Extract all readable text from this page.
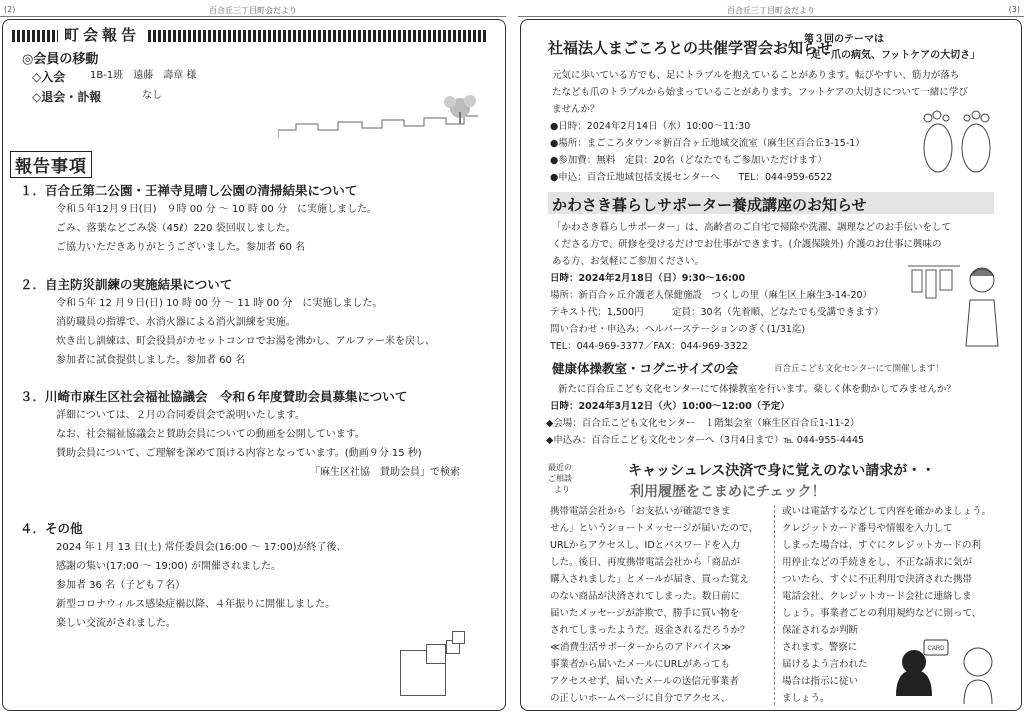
(2)	百合丘三丁目町会だより
町会報告
◎会員の移動
◇入会 1B-1班　遠藤　壽章 様
◇退会・訃報	なし
報告事項
１．百合丘第二公園・王禅寺見晴し公園の清掃結果について
令和５年12月９日(日)　９時 00 分 ～ 10 時 00 分　に実施しました。
ごみ、落葉などごみ袋（45ℓ）220 袋回収しました。
ご協力いただきありがとうございました。参加者 60 名
２．自主防災訓練の実施結果について
令和５年 12 月９日(日) 10 時 00 分 ～ 11 時 00 分　に実施しました。
消防職員の指導で、水消火器による消火訓練を実施。
炊き出し訓練は、町会役員がカセットコンロでお湯を沸かし、アルファー米を戻し、
参加者に試食提供しました。参加者 60 名
３．川崎市麻生区社会福祉協議会　令和６年度賛助会員募集について
詳細については、２月の合同委員会で説明いたします。
なお、社会福祉協議会と賛助会員についての動画を公開しています。
賛助会員について、ご理解を深めて頂ける内容となっています。(動画９分 15 秒)
「麻生区社協　賛助会員」で検索
４．その他
2024 年１月 13 日(土) 常任委員会(16:00 ～ 17:00)が終了後、
感謝の集い(17:00 ～ 19:00) が開催されました。
参加者 36 名（子ども７名）
新型コロナウィルス感染症禍以降、４年振りに開催しました。
楽しい交流がされました。
百合丘三丁目町会だより	(3)
社福法人まごころとの共催学習会お知らせ
第３回のテーマは
「足・爪の病気、フットケアの大切さ」
元気に歩いている方でも、足にトラブルを抱えていることがあります。転びやすい、筋力が落ち
たなども爪のトラブルから始まっていることがあります。フットケアの大切さについて一緒に学び
ませんか？
●日時：2024年2月14日（水）10:00～11:30
●場所：まごころタウン＊新百合ヶ丘地域交流室（麻生区百合丘3-15-1）
●参加費：無料　定員：20名（どなたでもご参加いただけます）
●申込：百合丘地域包括支援センターへ　　TEL：044-959-6522
かわさき暮らしサポーター養成講座のお知らせ
「かわさき暮らしサポーター」は、高齢者のご自宅で掃除や洗濯、調理などのお手伝いをして
くださる方で、研修を受けるだけでお仕事ができます。(介護保険外) 介護のお仕事に興味の
ある方、お気軽にご参加ください。
日時：2024年2月18日（日）9:30～16:00
場所：新百合ヶ丘介護老人保健施設　つくしの里（麻生区上麻生3-14-20）
テキスト代：1,500円　　　定員：30名（先着順、どなたでも受講できます）
問い合わせ・申込み：ヘルパーステーションのぎく(1/31迄)
TEL：044-969-3377／FAX：044-969-3322
健康体操教室・コグニサイズの会	百合丘こども文化センターにて開催します！
新たに百合丘こども文化センターにて体操教室を行います。楽しく体を動かしてみませんか？
日時：2024年3月12日（火）10:00～12:00（予定）
◆会場：百合丘こども文化センター　１階集会室（麻生区百合丘1-11-2）
◆申込み：百合丘こども文化センターへ（3月4日まで）℡ 044-955-4445
最近の
ご相談
より
キャッシュレス決済で身に覚えのない請求が・・
利用履歴をこまめにチェック！
携帯電話会社から「お支払いが確認できま
せん」というショートメッセージが届いたので、
URLからアクセスし、IDとパスワードを入力
した。後日、再度携帯電話会社から「商品が
購入されました」とメールが届き、買った覚え
のない商品が決済されてしまった。数日前に
届いたメッセージが詐欺で、勝手に買い物を
されてしまったようだ。返金されるだろうか？
≪消費生活サポーターからのアドバイス≫
事業者から届いたメールにURLがあっても
アクセスせず、届いたメールの送信元事業者
の正しいホームページに自分でアクセス、
或いは電話するなどして内容を確かめましょう。
クレジットカード番号や情報を入力して
しまった場合は、すぐにクレジットカードの利
用停止などの手続きをし、不正な請求に気が
ついたら、すぐに不正利用で決済された携帯
電話会社、クレジットカード会社に連絡しま
しょう。事業者ごとの利用規約などに則って、
保証されるか判断
されます。警察に
届けるよう言われた
場合は指示に従い
ましょう。
CARD
